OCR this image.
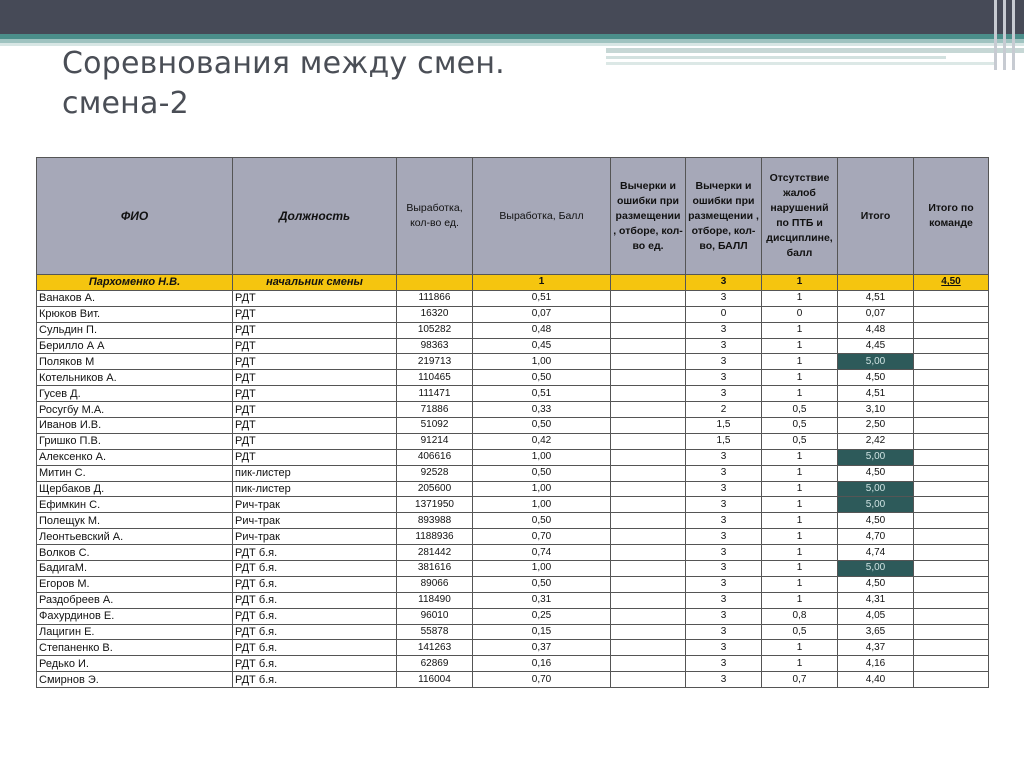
Соревнования между смен.
смена-2
ФИО	Должность	Выработка, кол-во ед.	Выработка, Балл	Вычерки и ошибки при размещении , отборе, кол-во ед.	Вычерки и ошибки при размещении , отборе, кол-во, БАЛЛ	Отсутствие жалоб нарушений по ПТБ и дисциплине, балл	Итого	Итого по команде
Пархоменко Н.В.	начальник смены		1		3	1		4,50
Ванаков А.	РДТ	111866	0,51		3	1	4,51	
Крюков Вит.	РДТ	16320	0,07		0	0	0,07	
Сульдин П.	РДТ	105282	0,48		3	1	4,48	
Берилло А А	РДТ	98363	0,45		3	1	4,45	
Поляков М	РДТ	219713	1,00		3	1	5,00	
Котельников А.	РДТ	110465	0,50		3	1	4,50	
Гусев Д.	РДТ	111471	0,51		3	1	4,51	
Росугбу М.А.	РДТ	71886	0,33		2	0,5	3,10	
Иванов И.В.	РДТ	51092	0,50		1,5	0,5	2,50	
Гришко П.В.	РДТ	91214	0,42		1,5	0,5	2,42	
Алексенко А.	РДТ	406616	1,00		3	1	5,00	
Митин С.	пик-листер	92528	0,50		3	1	4,50	
Щербаков Д.	пик-листер	205600	1,00		3	1	5,00	
Ефимкин С.	Рич-трак	1371950	1,00		3	1	5,00	
Полещук М.	Рич-трак	893988	0,50		3	1	4,50	
Леонтьевский А.	Рич-трак	1188936	0,70		3	1	4,70	
Волков С.	РДТ б.я.	281442	0,74		3	1	4,74	
БадигаМ.	РДТ б.я.	381616	1,00		3	1	5,00	
Егоров М.	РДТ б.я.	89066	0,50		3	1	4,50	
Раздобреев А.	РДТ б.я.	118490	0,31		3	1	4,31	
Фахурдинов Е.	РДТ б.я.	96010	0,25		3	0,8	4,05	
Лацигин Е.	РДТ б.я.	55878	0,15		3	0,5	3,65	
Степаненко В.	РДТ б.я.	141263	0,37		3	1	4,37	
Редько И.	РДТ б.я.	62869	0,16		3	1	4,16	
Смирнов Э.	РДТ б.я.	116004	0,70		3	0,7	4,40	
